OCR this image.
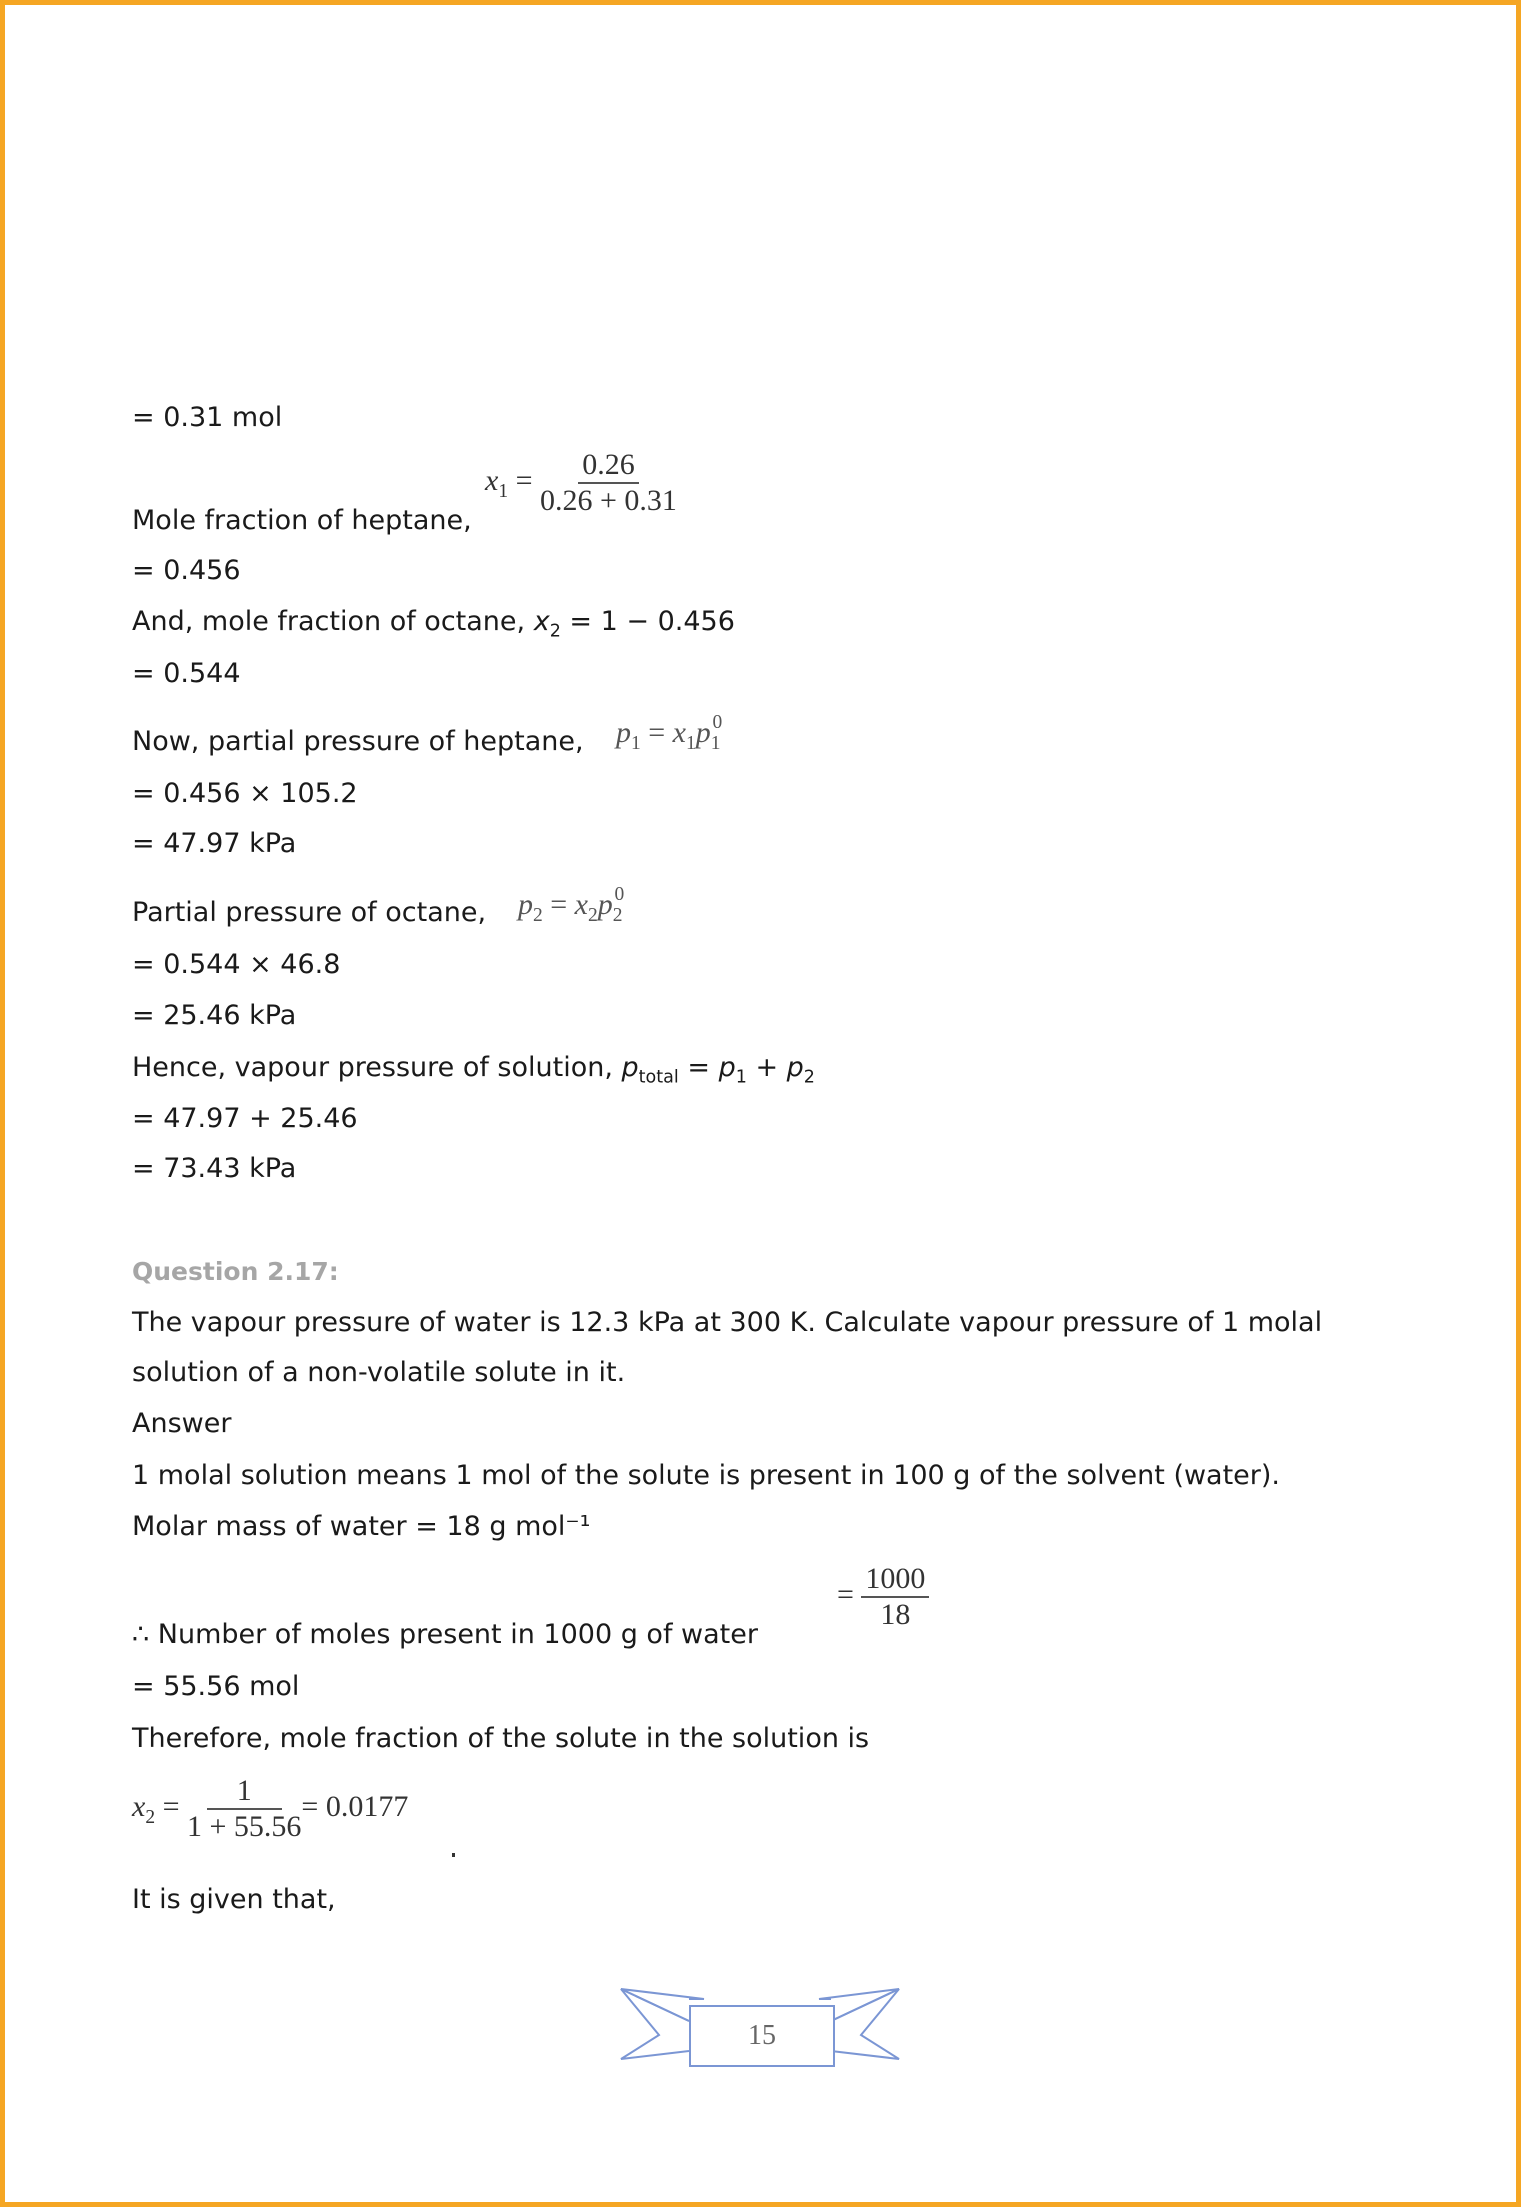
= 0.31 mol
Mole fraction of heptane,
$x_1 = \frac{0.26}{0.26 + 0.31}$
= 0.456
And, mole fraction of octane, $x_2 = 1 - 0.456$
= 0.544
Now, partial pressure of heptane, $p_1 = x_1p_1^0$
= 0.456 × 105.2
= 47.97 kPa
Partial pressure of octane, $p_2 = x_2p_2^0$
= 0.544 × 46.8
= 25.46 kPa
Hence, vapour pressure of solution, $p_{total} = p_1 + p_2$
= 47.97 + 25.46
= 73.43 kPa
Question 2.17:
The vapour pressure of water is 12.3 kPa at 300 K. Calculate vapour pressure of 1 molal
solution of a non-volatile solute in it.
Answer
1 molal solution means 1 mol of the solute is present in 100 g of the solvent (water).
Molar mass of water = 18 g mol⁻¹
∴ Number of moles present in 1000 g of water
= $\frac{1000}{18}$
= 55.56 mol
Therefore, mole fraction of the solute in the solution is
$x_2 = \frac{1}{1 + 55.56} = 0.0177$
It is given that,
15
